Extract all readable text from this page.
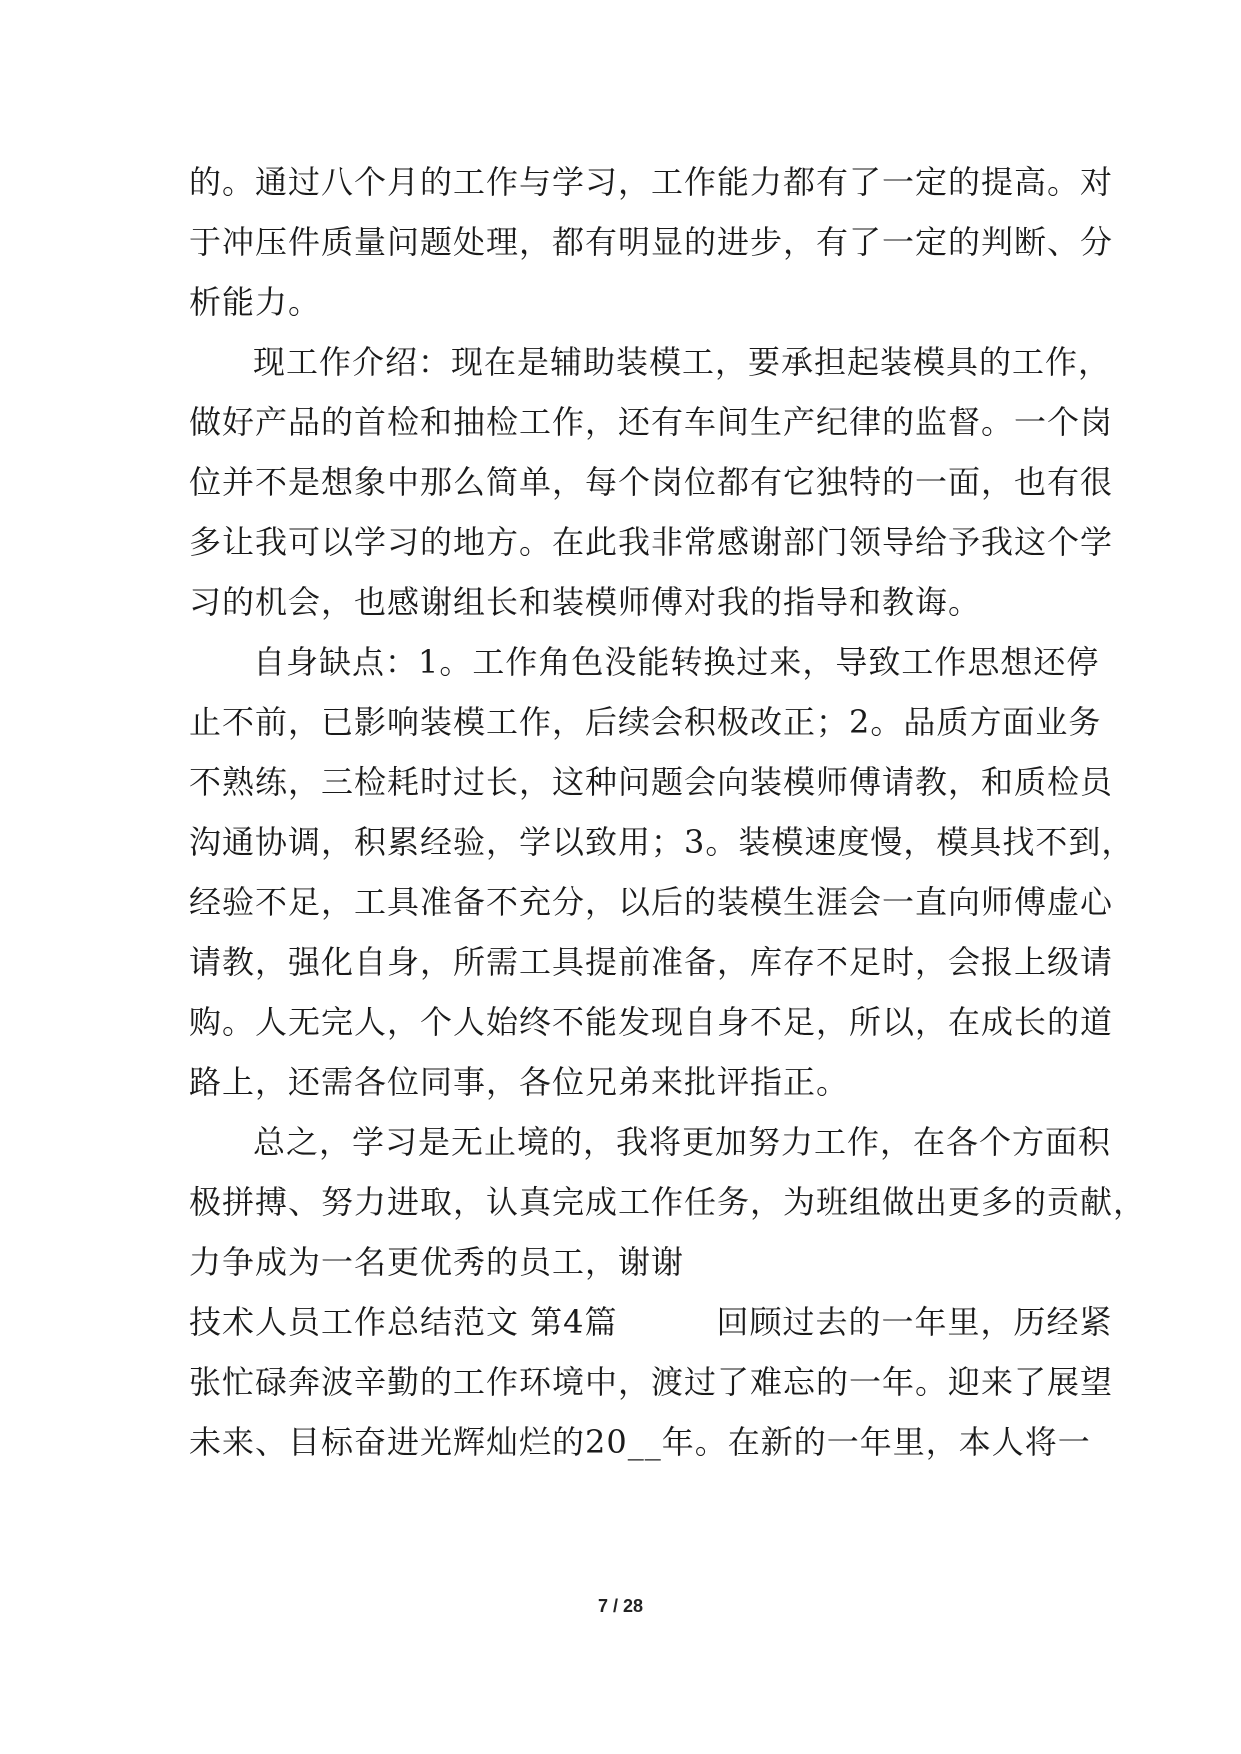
的。通过八个月的工作与学习，工作能力都有了一定的提高。对
于冲压件质量问题处理，都有明显的进步，有了一定的判断、分
析能力。
现工作介绍：现在是辅助装模工，要承担起装模具的工作，
做好产品的首检和抽检工作，还有车间生产纪律的监督。一个岗
位并不是想象中那么简单，每个岗位都有它独特的一面，也有很
多让我可以学习的地方。在此我非常感谢部门领导给予我这个学
习的机会，也感谢组长和装模师傅对我的指导和教诲。
自身缺点：1。工作角色没能转换过来，导致工作思想还停
止不前，已影响装模工作，后续会积极改正；2。品质方面业务
不熟练，三检耗时过长，这种问题会向装模师傅请教，和质检员
沟通协调，积累经验，学以致用；3。装模速度慢，模具找不到，
经验不足，工具准备不充分，以后的装模生涯会一直向师傅虚心
请教，强化自身，所需工具提前准备，库存不足时，会报上级请
购。人无完人，个人始终不能发现自身不足，所以，在成长的道
路上，还需各位同事，各位兄弟来批评指正。
总之，学习是无止境的，我将更加努力工作，在各个方面积
极拼搏、努力进取，认真完成工作任务，为班组做出更多的贡献，
力争成为一名更优秀的员工，谢谢
技术人员工作总结范文 第4篇　　　回顾过去的一年里，历经紧
张忙碌奔波辛勤的工作环境中，渡过了难忘的一年。迎来了展望
未来、目标奋进光辉灿烂的20__年。在新的一年里，本人将一
7 / 28
